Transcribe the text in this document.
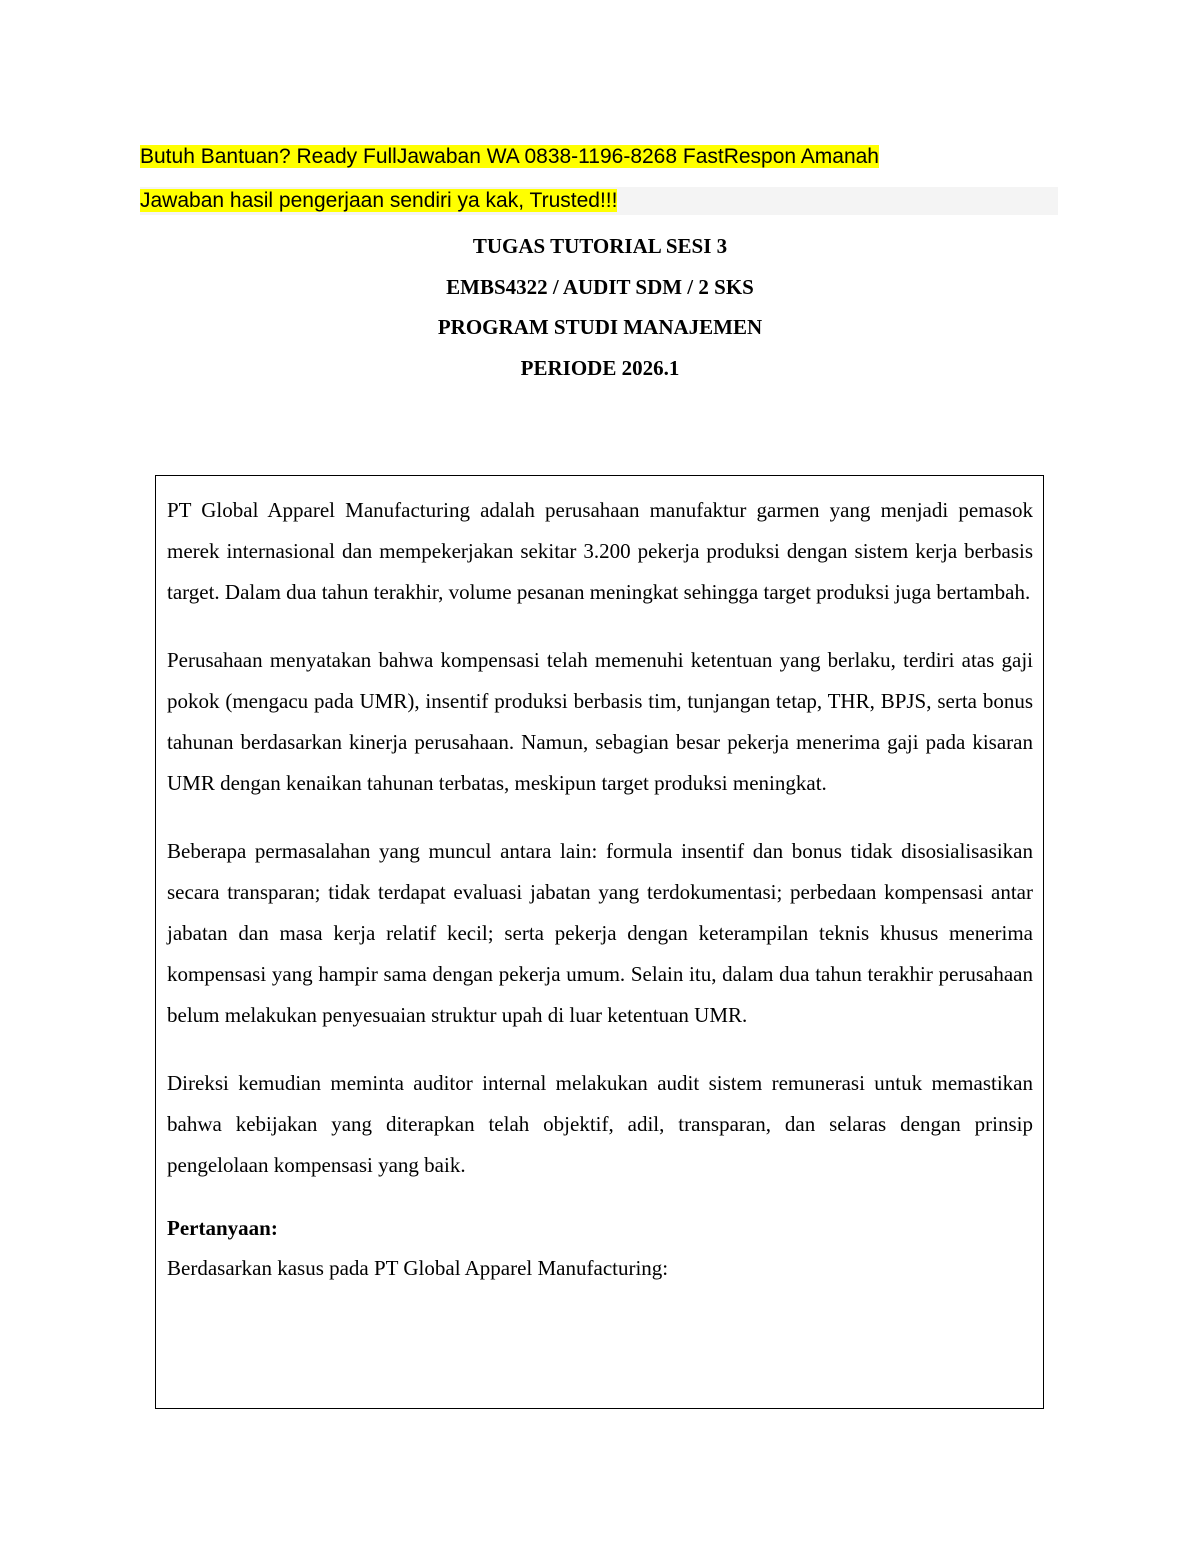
Butuh Bantuan? Ready FullJawaban WA 0838-1196-8268 FastRespon Amanah
Jawaban hasil pengerjaan sendiri ya kak, Trusted!!!
TUGAS TUTORIAL SESI 3
EMBS4322 / AUDIT SDM / 2 SKS
PROGRAM STUDI MANAJEMEN
PERIODE 2026.1

PT Global Apparel Manufacturing adalah perusahaan manufaktur garmen yang menjadi pemasok merek internasional dan mempekerjakan sekitar 3.200 pekerja produksi dengan sistem kerja berbasis target. Dalam dua tahun terakhir, volume pesanan meningkat sehingga target produksi juga bertambah.

Perusahaan menyatakan bahwa kompensasi telah memenuhi ketentuan yang berlaku, terdiri atas gaji pokok (mengacu pada UMR), insentif produksi berbasis tim, tunjangan tetap, THR, BPJS, serta bonus tahunan berdasarkan kinerja perusahaan. Namun, sebagian besar pekerja menerima gaji pada kisaran UMR dengan kenaikan tahunan terbatas, meskipun target produksi meningkat.

Beberapa permasalahan yang muncul antara lain: formula insentif dan bonus tidak disosialisasikan secara transparan; tidak terdapat evaluasi jabatan yang terdokumentasi; perbedaan kompensasi antar jabatan dan masa kerja relatif kecil; serta pekerja dengan keterampilan teknis khusus menerima kompensasi yang hampir sama dengan pekerja umum. Selain itu, dalam dua tahun terakhir perusahaan belum melakukan penyesuaian struktur upah di luar ketentuan UMR.

Direksi kemudian meminta auditor internal melakukan audit sistem remunerasi untuk memastikan bahwa kebijakan yang diterapkan telah objektif, adil, transparan, dan selaras dengan prinsip pengelolaan kompensasi yang baik.

Pertanyaan:
Berdasarkan kasus pada PT Global Apparel Manufacturing:
